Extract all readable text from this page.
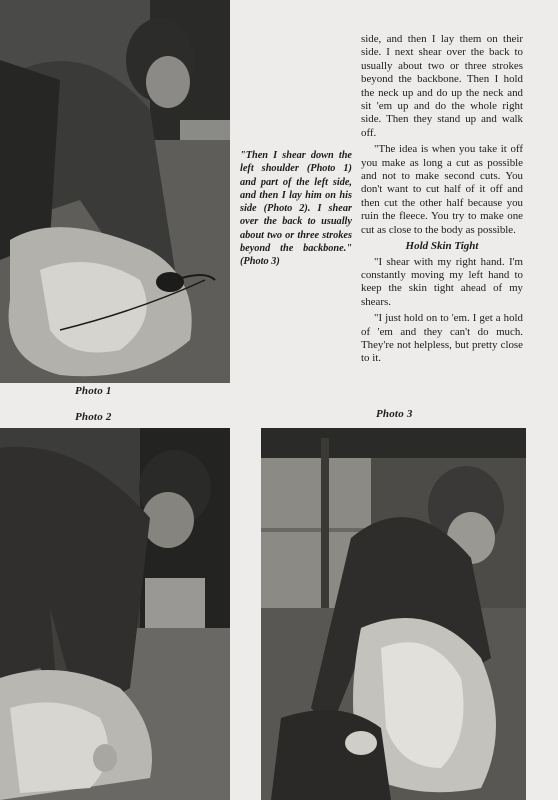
Photo 1

"Then I shear down the left shoulder (Photo 1) and part of the left side, and then I lay him on his side (Photo 2). I shear over the back to usually about two or three strokes beyond the backbone." (Photo 3)

side, and then I lay them on their side. I next shear over the back to usually about two or three strokes beyond the backbone. Then I hold the neck up and do up the neck and sit 'em up and do the whole right side. Then they stand up and walk off.

"The idea is when you take it off you make as long a cut as possible and not to make second cuts. You don't want to cut half of it off and then cut the other half because you ruin the fleece. You try to make one cut as close to the body as possible.

Hold Skin Tight

"I shear with my right hand. I'm constantly moving my left hand to keep the skin tight ahead of my shears.

"I just hold on to 'em. I get a hold of 'em and they can't do much. They're not helpless, but pretty close to it.

Photo 2	Photo 3
